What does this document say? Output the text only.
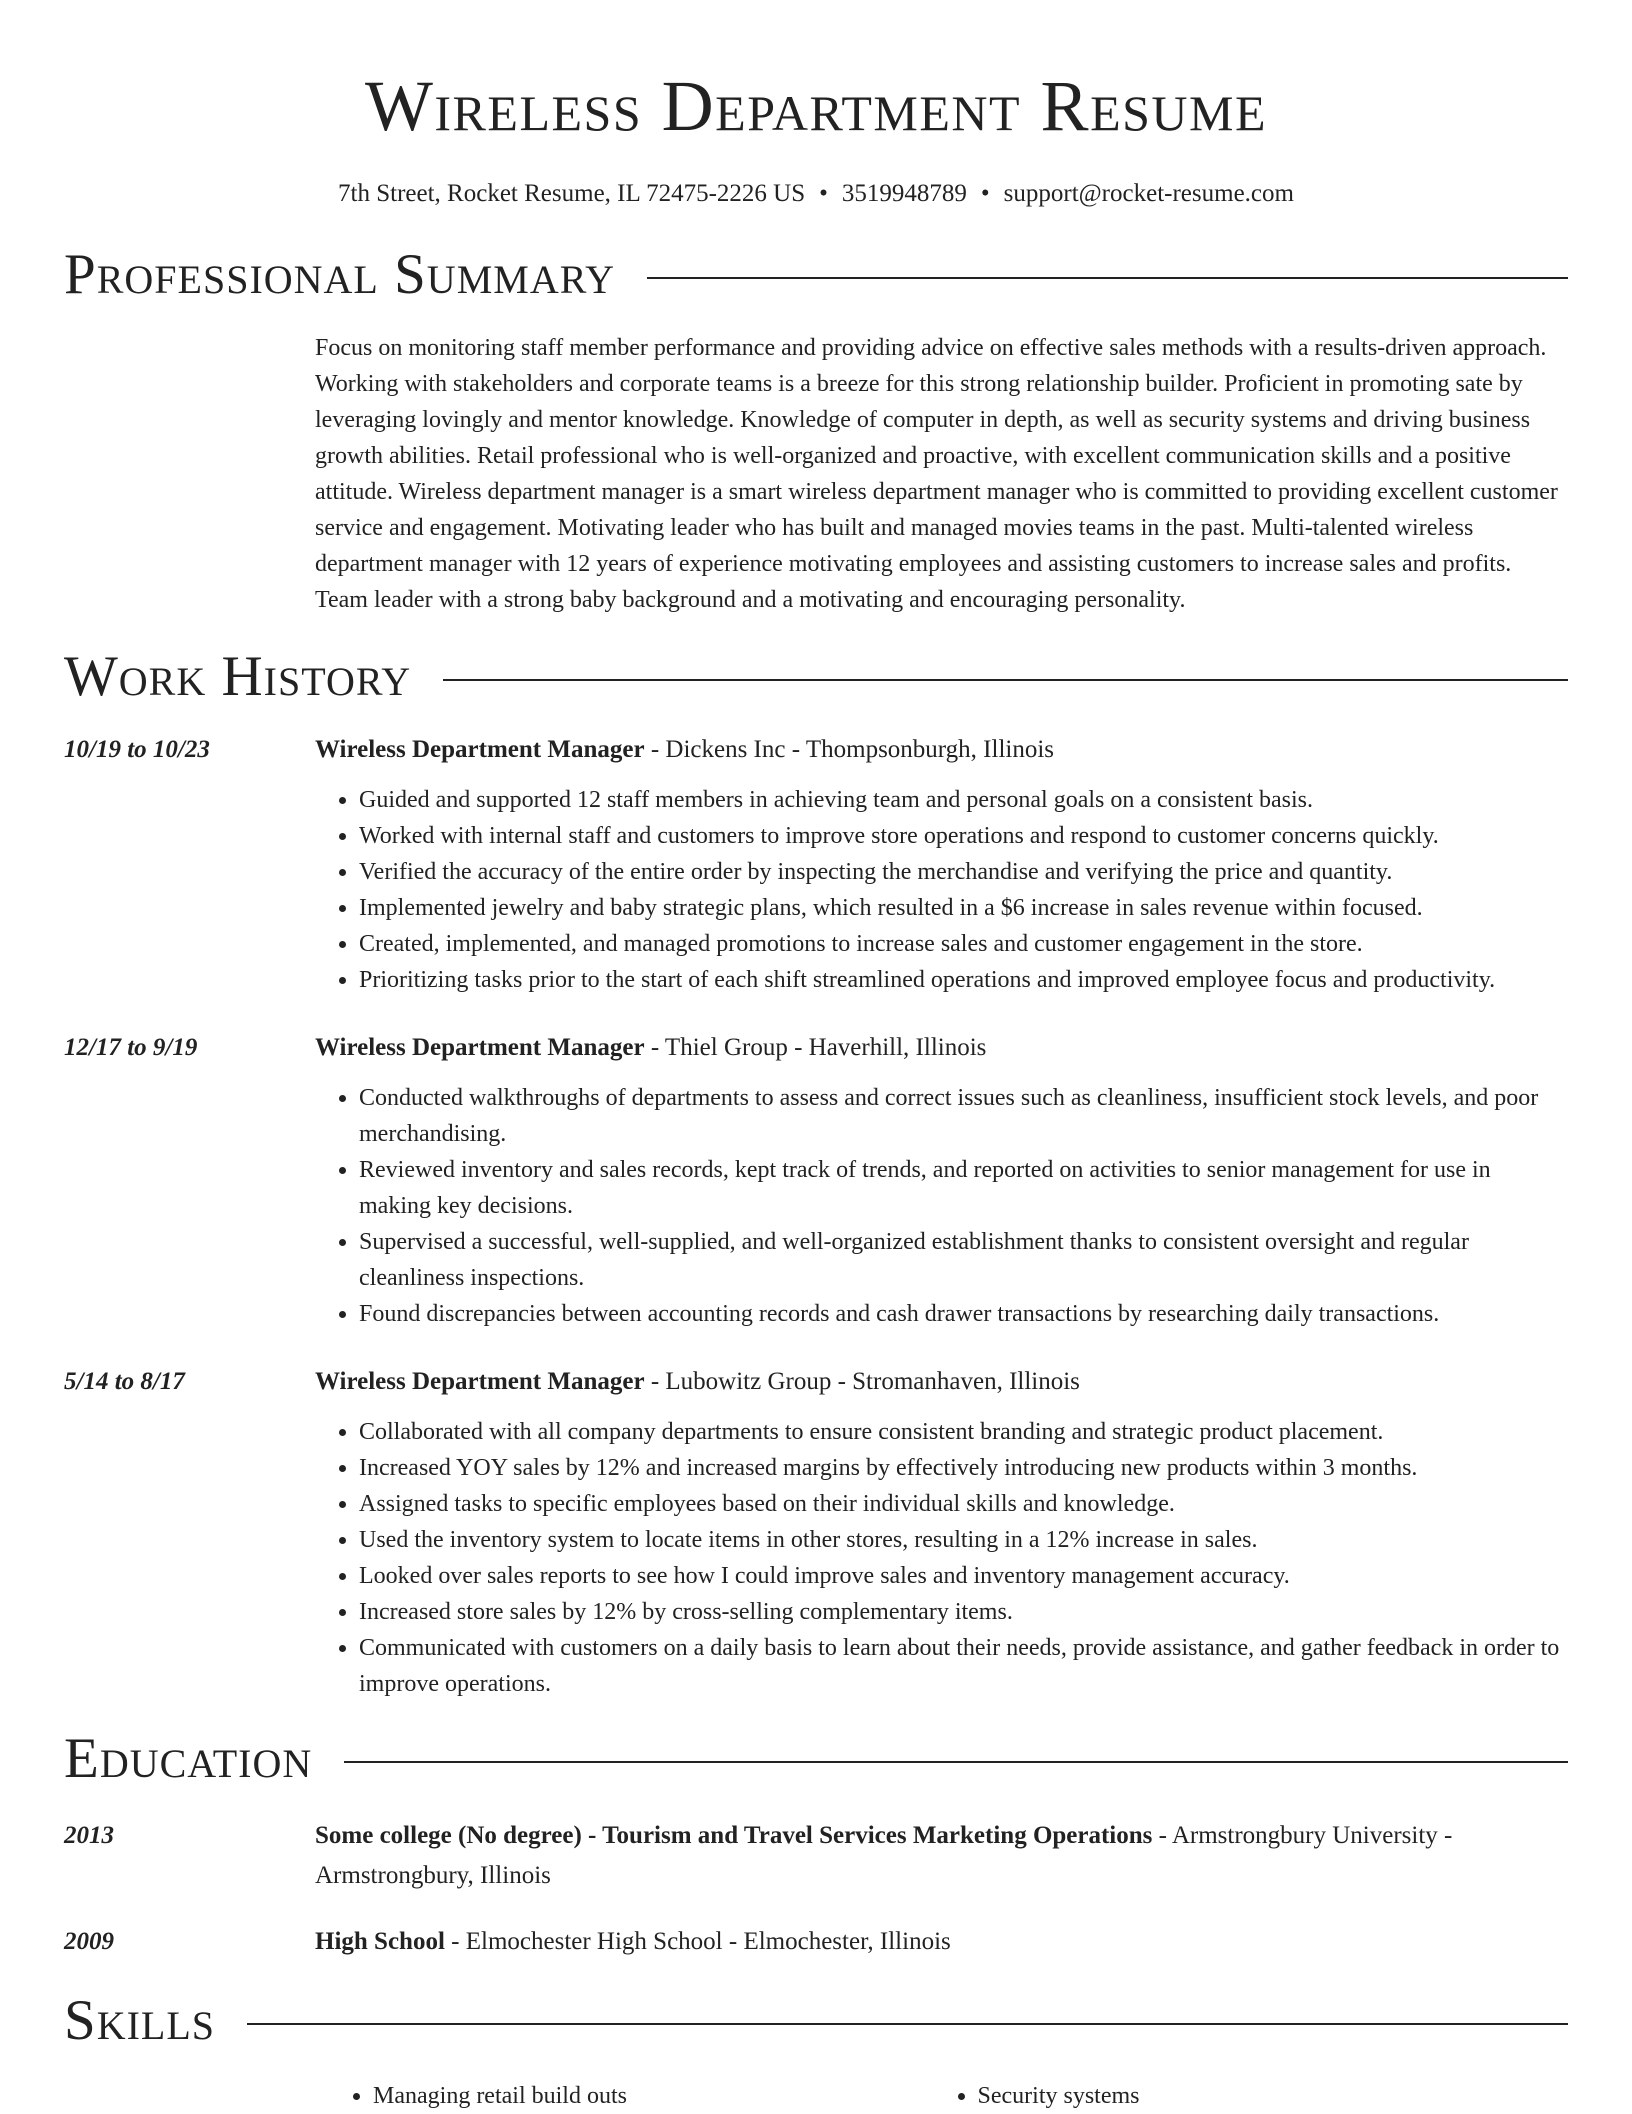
Wireless Department Resume
7th Street, Rocket Resume, IL 72475-2226 US • 3519948789 • support@rocket-resume.com
Professional Summary

Focus on monitoring staff member performance and providing advice on effective sales methods with a results-driven approach. Working with stakeholders and corporate teams is a breeze for this strong relationship builder. Proficient in promoting sate by leveraging lovingly and mentor knowledge. Knowledge of computer in depth, as well as security systems and driving business growth abilities. Retail professional who is well-organized and proactive, with excellent communication skills and a positive attitude. Wireless department manager is a smart wireless department manager who is committed to providing excellent customer service and engagement. Motivating leader who has built and managed movies teams in the past. Multi-talented wireless department manager with 12 years of experience motivating employees and assisting customers to increase sales and profits. Team leader with a strong baby background and a motivating and encouraging personality.

Work History
10/19 to 10/23	Wireless Department Manager - Dickens Inc - Thompsonburgh, Illinois
• Guided and supported 12 staff members in achieving team and personal goals on a consistent basis.
• Worked with internal staff and customers to improve store operations and respond to customer concerns quickly.
• Verified the accuracy of the entire order by inspecting the merchandise and verifying the price and quantity.
• Implemented jewelry and baby strategic plans, which resulted in a $6 increase in sales revenue within focused.
• Created, implemented, and managed promotions to increase sales and customer engagement in the store.
• Prioritizing tasks prior to the start of each shift streamlined operations and improved employee focus and productivity.
12/17 to 9/19	Wireless Department Manager - Thiel Group - Haverhill, Illinois
• Conducted walkthroughs of departments to assess and correct issues such as cleanliness, insufficient stock levels, and poor merchandising.
• Reviewed inventory and sales records, kept track of trends, and reported on activities to senior management for use in making key decisions.
• Supervised a successful, well-supplied, and well-organized establishment thanks to consistent oversight and regular cleanliness inspections.
• Found discrepancies between accounting records and cash drawer transactions by researching daily transactions.
5/14 to 8/17	Wireless Department Manager - Lubowitz Group - Stromanhaven, Illinois
• Collaborated with all company departments to ensure consistent branding and strategic product placement.
• Increased YOY sales by 12% and increased margins by effectively introducing new products within 3 months.
• Assigned tasks to specific employees based on their individual skills and knowledge.
• Used the inventory system to locate items in other stores, resulting in a 12% increase in sales.
• Looked over sales reports to see how I could improve sales and inventory management accuracy.
• Increased store sales by 12% by cross-selling complementary items.
• Communicated with customers on a daily basis to learn about their needs, provide assistance, and gather feedback in order to improve operations.
Education
2013	Some college (No degree) - Tourism and Travel Services Marketing Operations - Armstrongbury University - Armstrongbury, Illinois
2009	High School - Elmochester High School - Elmochester, Illinois
Skills
• Managing retail build outs
•	Security systems
